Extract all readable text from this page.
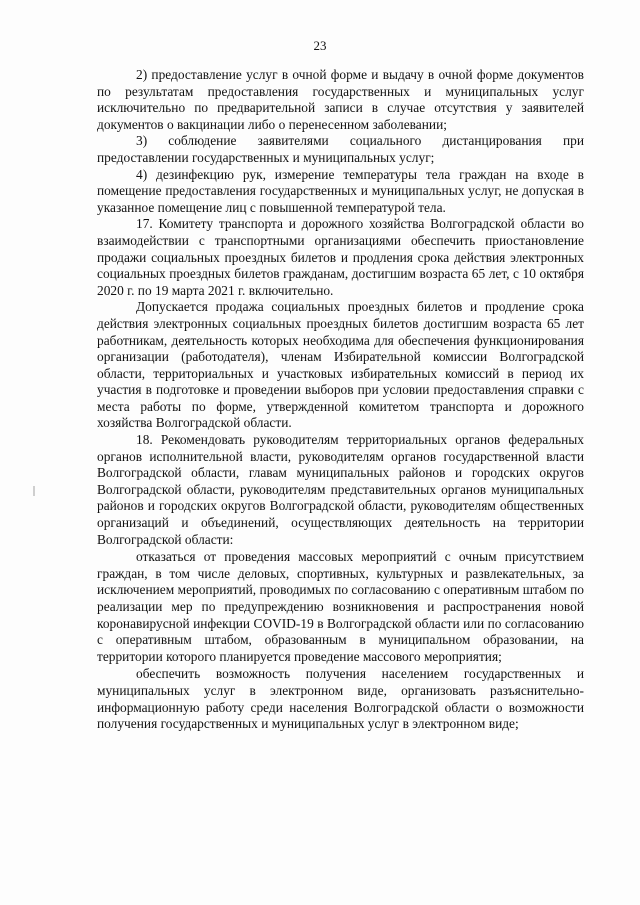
23

2) предоставление услуг в очной форме и выдачу в очной форме документов по результатам предоставления государственных и муниципальных услуг исключительно по предварительной записи в случае отсутствия у заявителей документов о вакцинации либо о перенесенном заболевании;

3) соблюдение заявителями социального дистанцирования при предоставлении государственных и муниципальных услуг;

4) дезинфекцию рук, измерение температуры тела граждан на входе в помещение предоставления государственных и муниципальных услуг, не допуская в указанное помещение лиц с повышенной температурой тела.

17. Комитету транспорта и дорожного хозяйства Волгоградской области во взаимодействии с транспортными организациями обеспечить приостановление продажи социальных проездных билетов и продления срока действия электронных социальных проездных билетов гражданам, достигшим возраста 65 лет, с 10 октября 2020 г. по 19 марта 2021 г. включительно.

Допускается продажа социальных проездных билетов и продление срока действия электронных социальных проездных билетов достигшим возраста 65 лет работникам, деятельность которых необходима для обеспечения функционирования организации (работодателя), членам Избирательной комиссии Волгоградской области, территориальных и участковых избирательных комиссий в период их участия в подготовке и проведении выборов при условии предоставления справки с места работы по форме, утвержденной комитетом транспорта и дорожного хозяйства Волгоградской области.

18. Рекомендовать руководителям территориальных органов федеральных органов исполнительной власти, руководителям органов государственной власти Волгоградской области, главам муниципальных районов и городских округов Волгоградской области, руководителям представительных органов муниципальных районов и городских округов Волгоградской области, руководителям общественных организаций и объединений, осуществляющих деятельность на территории Волгоградской области:

отказаться от проведения массовых мероприятий с очным присутствием граждан, в том числе деловых, спортивных, культурных и развлекательных, за исключением мероприятий, проводимых по согласованию с оперативным штабом по реализации мер по предупреждению возникновения и распространения новой коронавирусной инфекции COVID-19 в Волгоградской области или по согласованию с оперативным штабом, образованным в муниципальном образовании, на территории которого планируется проведение массового мероприятия;

обеспечить возможность получения населением государственных и муниципальных услуг в электронном виде, организовать разъяснительно-информационную работу среди населения Волгоградской области о возможности получения государственных и муниципальных услуг в электронном виде;
